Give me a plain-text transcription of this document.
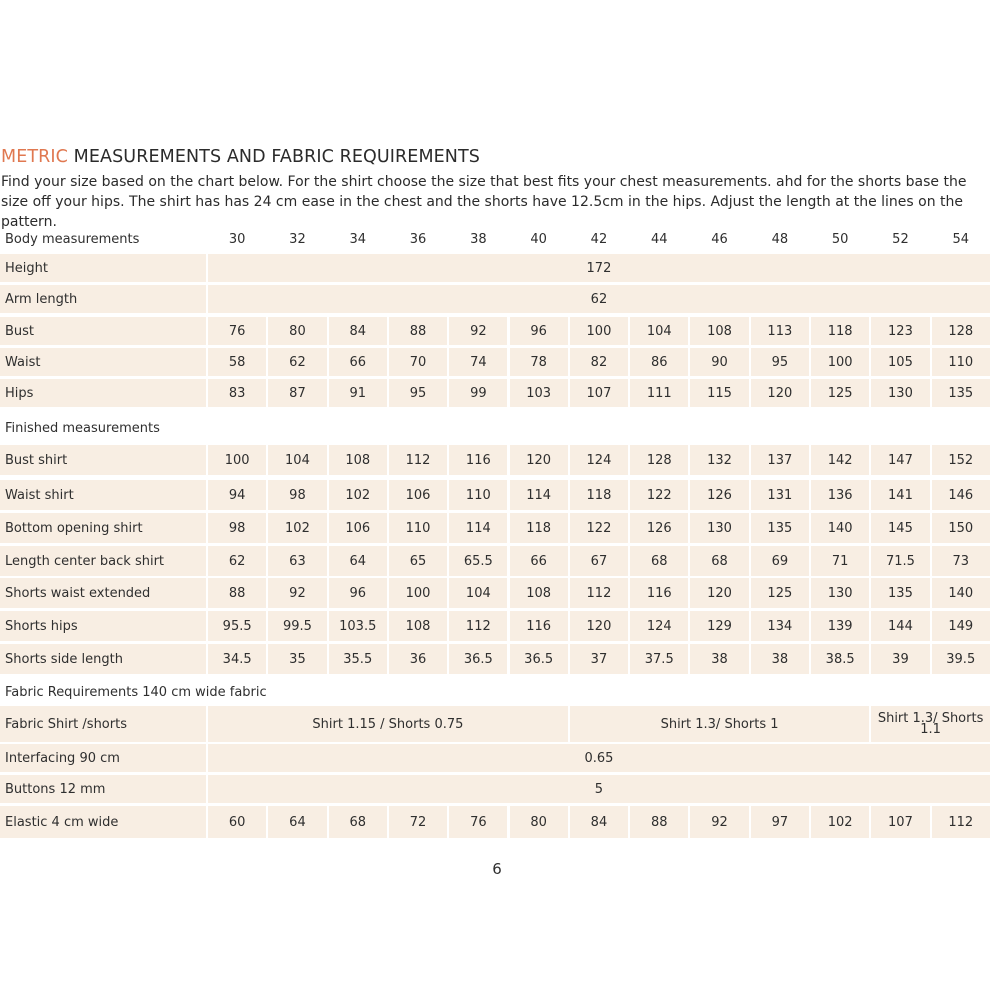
METRIC MEASUREMENTS AND FABRIC REQUIREMENTS
Find your size based on the chart below. For the shirt choose the size that best fits your chest measurements. ahd for the shorts base the size off your hips. The shirt has has 24 cm ease in the chest and the shorts have 12.5cm in the hips. Adjust the length at the lines on the pattern.
Body measurements	30	32	34	36	38	40	42	44	46	48	50	52	54
Height	172
Arm length	62
Bust	76	80	84	88	92	96	100	104	108	113	118	123	128
Waist	58	62	66	70	74	78	82	86	90	95	100	105	110
Hips	83	87	91	95	99	103	107	111	115	120	125	130	135
Finished measurements
Bust shirt	100	104	108	112	116	120	124	128	132	137	142	147	152
Waist shirt	94	98	102	106	110	114	118	122	126	131	136	141	146
Bottom opening shirt	98	102	106	110	114	118	122	126	130	135	140	145	150
Length center back shirt	62	63	64	65	65.5	66	67	68	68	69	71	71.5	73
Shorts waist extended	88	92	96	100	104	108	112	116	120	125	130	135	140
Shorts hips	95.5	99.5	103.5	108	112	116	120	124	129	134	139	144	149
Shorts side length	34.5	35	35.5	36	36.5	36.5	37	37.5	38	38	38.5	39	39.5
Fabric Requirements 140 cm wide fabric
Fabric Shirt /shorts	Shirt 1.15 / Shorts 0.75	Shirt 1.3/ Shorts 1	Shirt 1.3/ Shorts 1.1
Interfacing 90 cm	0.65
Buttons 12 mm	5
Elastic 4 cm wide	60	64	68	72	76	80	84	88	92	97	102	107	112
6
